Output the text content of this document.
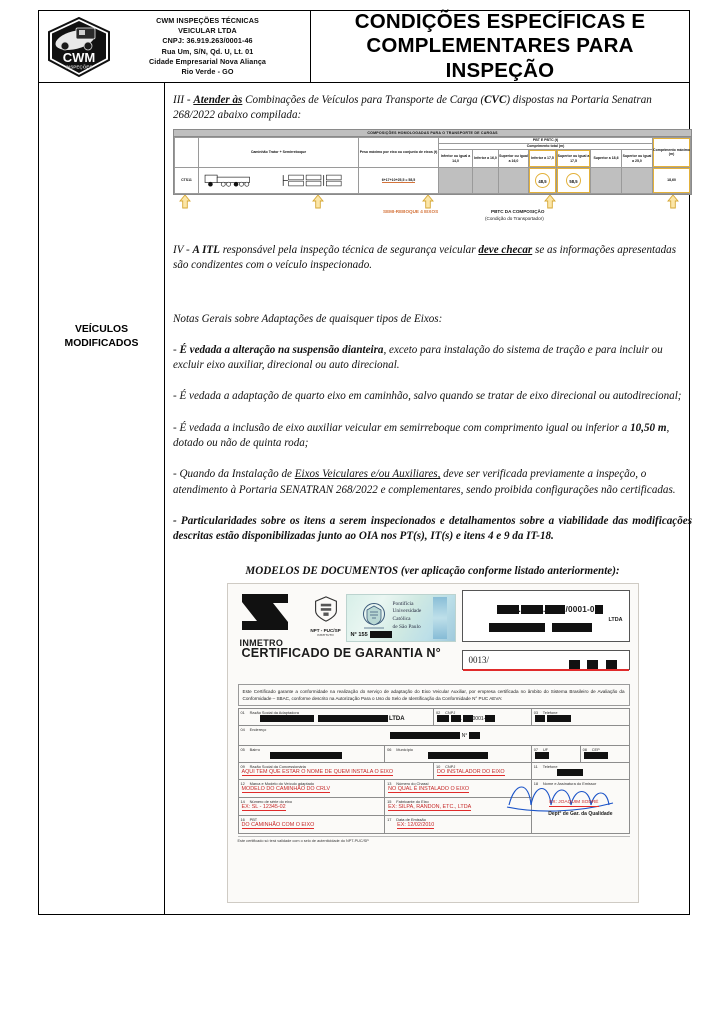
CWM
INSPEÇÕES
CWM INSPEÇÕES TÉCNICAS
VEICULAR LTDA
CNPJ: 36.919.263/0001-46
Rua Um, S/N, Qd. U, Lt. 01
Cidade Empresarial Nova Aliança
Rio Verde - GO
CONDIÇÕES ESPECÍFICAS E
COMPLEMENTARES PARA INSPEÇÃO
VEÍCULOS
MODIFICADOS

III - Atender às Combinações de Veículos para Transporte de Carga (CVC) dispostas na Portaria Senatran 268/2022 abaixo compilada:

COMPOSIÇÕES HOMOLOGADAS PARA O TRANSPORTE DE CARGAS
	Caminhão Trator + Semirreboque	Peso máximo por eixo ou conjunto de eixos (t)	PBT E PBTC (t)							Comprimento máximo (m)
			Comprimento total (m)							
			Inferior ou igual a 14,0	Inferior a 16,0	Superior ou igual a 16,0	Inferior a 17,5	Superior ou igual a 17,5	Superior a 18,6	Superior ou igual a 25,0	
CTS11		6+17+10+25,5 = 58,5				48,5	58,5			18,60
SEMI-REBOQUE 4 EIXOS	PBTC DA COMPOSIÇÃO
(Condição do Transportador)

IV - A ITL responsável pela inspeção técnica de segurança veicular deve checar se as informações apresentadas são condizentes com o veículo inspecionado.

Notas Gerais sobre Adaptações de quaisquer tipos de Eixos:

- É vedada a alteração na suspensão dianteira, exceto para instalação do sistema de tração e para incluir ou excluir eixo auxiliar, direcional ou auto direcional.

- É vedada a adaptação de quarto eixo em caminhão, salvo quando se tratar de eixo direcional ou autodirecional;

- É vedada a inclusão de eixo auxiliar veicular em semirreboque com comprimento igual ou inferior a 10,50 m, dotado ou não de quinta roda;

- Quando da Instalação de Eixos Veiculares e/ou Auxiliares, deve ser verificada previamente a inspeção, o atendimento à Portaria SENATRAN 268/2022 e complementares, sendo proibida configurações não certificadas.

- Particularidades sobre os itens a serem inspecionados e detalhamentos sobre a viabilidade das modificações descritas estão disponibilizadas junto ao OIA nos PT(s), IT(s) e itens 4 e 9 da IT-18.

MODELOS DE DOCUMENTOS (ver aplicação conforme listado anteriormente):
INMETRO
NPT - PUC/SP
INSTITUTO
Pontifícia
Universidade
Católica
de São Paulo
N° 155
.	. /0001-0

LTDA
0013/

CERTIFICADO DE GARANTIA N°
Este Certificado garante a conformidade na realização do serviço de adaptação do Eixo Veicular Auxiliar, por empresa certificada no âmbito do Sistema Brasileiro de Avaliação da Conformidade – SBAC, conforme descrito na Autorização Para o Uso do Selo de Identificação da Conformidade N° PUC AEVA:
01 Razão Social da Adaptadora
LTDA

02 CNPJ
0001-

03 Telefone

04 Endereço
N°				

05 Bairro	06 Município		07 UF	08 CEP

09 Razão Social da Concessionária
AQUI TEM QUE ESTAR O NOME DE QUEM INSTALA O EIXO

10 CNPJ
DO INSTALADOR DO EIXO

11 Telefone

12 Marca e Modelo do Veículo adaptado
MODELO DO CAMINHÃO DO CRLV

13 Número do Chassi
NO QUAL É INSTALADO O EIXO

18 Nome e Assinatura do Emissor
EX: JOAQUIM SODRÉ
Dept° de Gar. da Qualidade

14 Número de série do eixo
EX: SL - 12345-02

15 Fabricante do Eixo
EX: SILPA, RANDON, ETC., LTDA

16 PBT
DO CAMINHÃO COM O EIXO

17 Data de Emissão
EX: 12/02/2010
Este certificado só terá validade com o selo de autenticidade do NPT-PUC/SP
